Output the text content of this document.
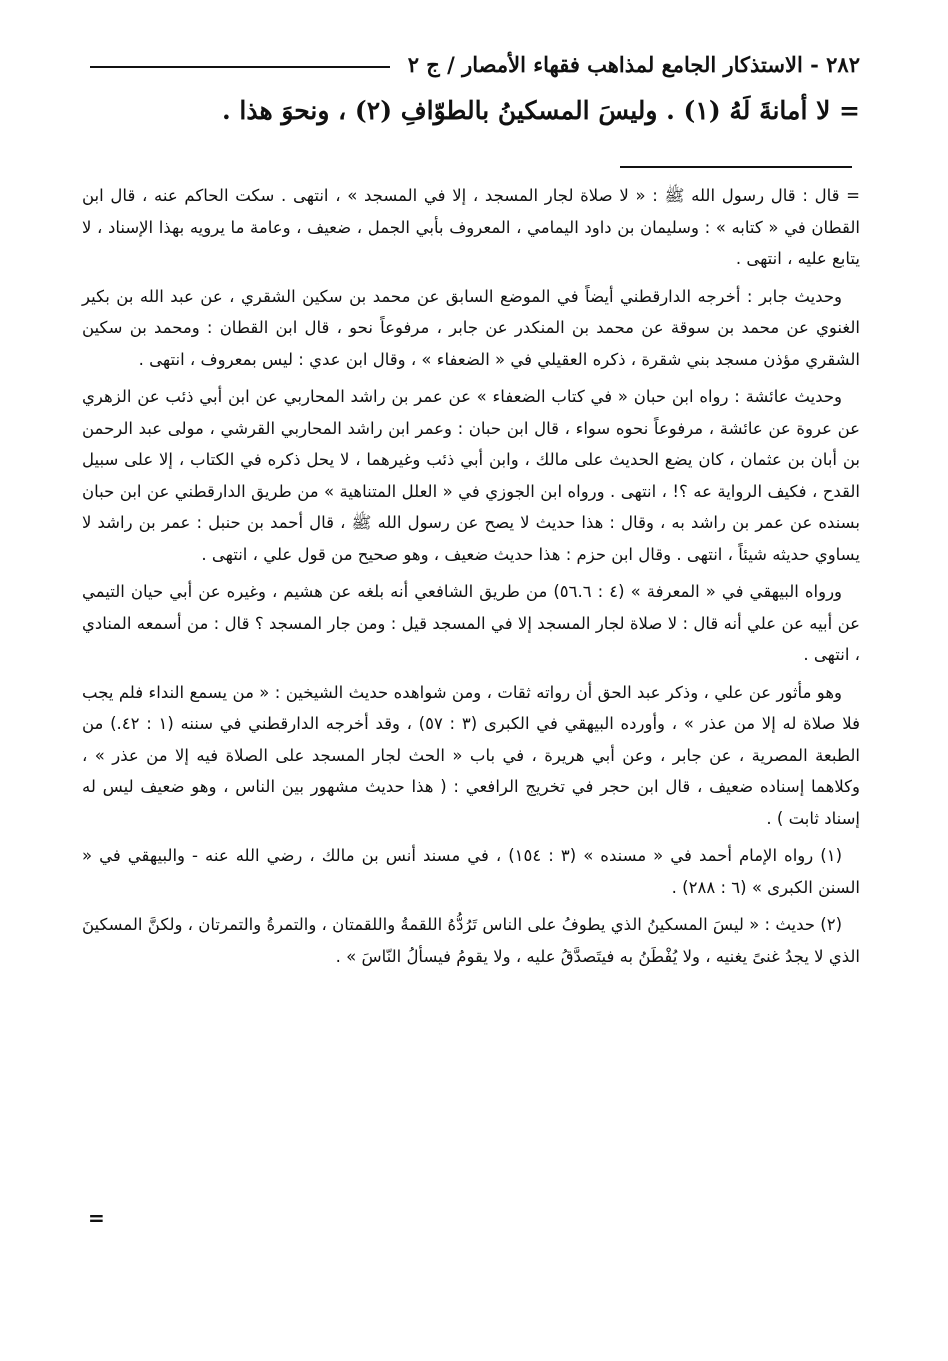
٢٨٢ - الاستذكار الجامع لمذاهب فقهاء الأمصار / ج ٢
= لا أمانةَ لَهُ (١) . وليسَ المسكينُ بالطوّافِ (٢) ، ونحوَ هذا .

= قال : قال رسول الله ﷺ : « لا صلاة لجار المسجد ، إلا في المسجد » ، انتهى . سكت الحاكم عنه ، قال ابن القطان في « كتابه » : وسليمان بن داود اليمامي ، المعروف بأبي الجمل ، ضعيف ، وعامة ما يرويه بهذا الإسناد ، لا يتابع عليه ، انتهى .

وحديث جابر : أخرجه الدارقطني أيضاً في الموضع السابق عن محمد بن سكين الشقري ، عن عبد الله بن بكير الغنوي عن محمد بن سوقة عن محمد بن المنكدر عن جابر ، مرفوعاً نحو ، قال ابن القطان : ومحمد بن سكين الشقري مؤذن مسجد بني شقرة ، ذكره العقيلي في « الضعفاء » ، وقال ابن عدي : ليس بمعروف ، انتهى .

وحديث عائشة : رواه ابن حبان « في كتاب الضعفاء » عن عمر بن راشد المحاربي عن ابن أبي ذئب عن الزهري عن عروة عن عائشة ، مرفوعاً نحوه سواء ، قال ابن حبان : وعمر ابن راشد المحاربي القرشي ، مولى عبد الرحمن بن أبان بن عثمان ، كان يضع الحديث على مالك ، وابن أبي ذئب وغيرهما ، لا يحل ذكره في الكتاب ، إلا على سبيل القدح ، فكيف الرواية عه ؟! ، انتهى . ورواه ابن الجوزي في « العلل المتناهية » من طريق الدارقطني عن ابن حبان بسنده عن عمر بن راشد به ، وقال : هذا حديث لا يصح عن رسول الله ﷺ ، قال أحمد بن حنبل : عمر بن راشد لا يساوي حديثه شيئاً ، انتهى . وقال ابن حزم : هذا حديث ضعيف ، وهو صحيح من قول علي ، انتهى .

ورواه البيهقي في « المعرفة » (٤ : ٥٦.٦) من طريق الشافعي أنه بلغه عن هشيم ، وغيره عن أبي حيان التيمي عن أبيه عن علي أنه قال : لا صلاة لجار المسجد إلا في المسجد قيل : ومن جار المسجد ؟ قال : من أسمعه المنادي ، انتهى .

وهو مأثور عن علي ، وذكر عبد الحق أن رواته ثقات ، ومن شواهده حديث الشيخين : « من يسمع النداء فلم يجب فلا صلاة له إلا من عذر » ، وأورده البيهقي في الكبرى (٣ : ٥٧) ، وقد أخرجه الدارقطني في سننه (١ : ٤٢.) من الطبعة المصرية ، عن جابر ، وعن أبي هريرة ، في باب « الحث لجار المسجد على الصلاة فيه إلا من عذر » ، وكلاهما إسناده ضعيف ، قال ابن حجر في تخريج الرافعي : ( هذا حديث مشهور بين الناس ، وهو ضعيف ليس له إسناد ثابت ) .

(١) رواه الإمام أحمد في « مسنده » (٣ : ١٥٤) ، في مسند أنس بن مالك ، رضي الله عنه - والبيهقي في « السنن الكبرى » (٦ : ٢٨٨) .

(٢) حديث : « ليسَ المسكينُ الذي يطوفُ على الناس تَرُدُّهُ اللقمةُ واللقمتان ، والتمرةُ والتمرتان ، ولكنَّ المسكينَ الذي لا يجدُ غنىً يغنيه ، ولا يُفْطَنُ به فيتَصدَّقُ عليه ، ولا يقومُ فيسألُ النّاسَ » .

=
